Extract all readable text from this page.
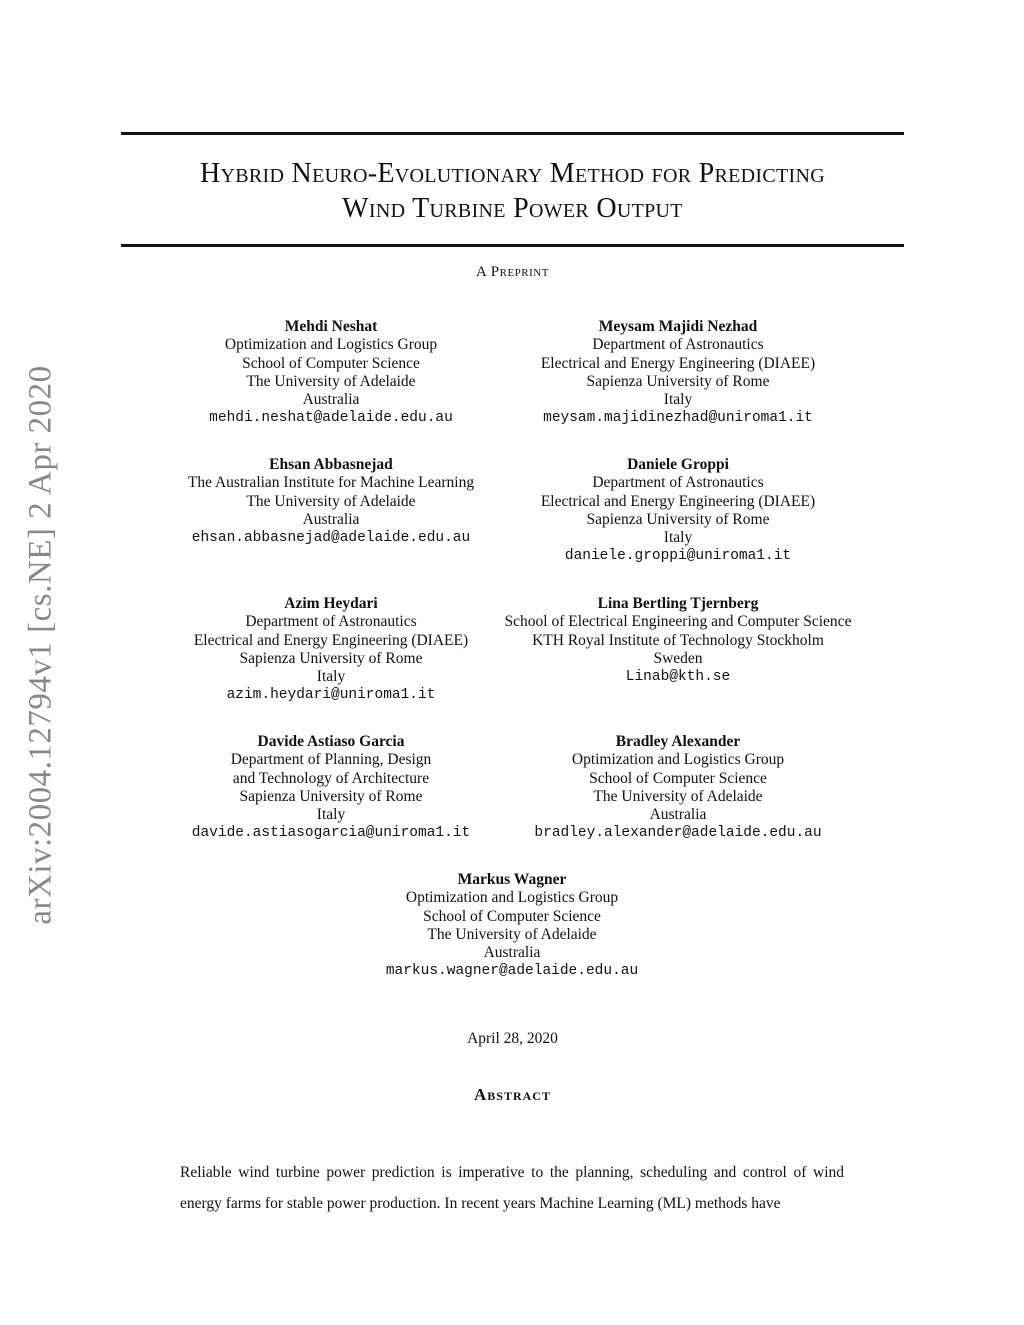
arXiv:2004.12794v1 [cs.NE] 2 Apr 2020
Hybrid Neuro-Evolutionary Method for Predicting
Wind Turbine Power Output
A Preprint
Mehdi Neshat
Optimization and Logistics Group
School of Computer Science
The University of Adelaide
Australia
mehdi.neshat@adelaide.edu.au
Meysam Majidi Nezhad
Department of Astronautics
Electrical and Energy Engineering (DIAEE)
Sapienza University of Rome
Italy
meysam.majidinezhad@uniroma1.it
Ehsan Abbasnejad
The Australian Institute for Machine Learning
The University of Adelaide
Australia
ehsan.abbasnejad@adelaide.edu.au
Daniele Groppi
Department of Astronautics
Electrical and Energy Engineering (DIAEE)
Sapienza University of Rome
Italy
daniele.groppi@uniroma1.it
Azim Heydari
Department of Astronautics
Electrical and Energy Engineering (DIAEE)
Sapienza University of Rome
Italy
azim.heydari@uniroma1.it
Lina Bertling Tjernberg
School of Electrical Engineering and Computer Science
KTH Royal Institute of Technology Stockholm
Sweden
Linab@kth.se
Davide Astiaso Garcia
Department of Planning, Design
and Technology of Architecture
Sapienza University of Rome
Italy
davide.astiasogarcia@uniroma1.it
Bradley Alexander
Optimization and Logistics Group
School of Computer Science
The University of Adelaide
Australia
bradley.alexander@adelaide.edu.au
Markus Wagner
Optimization and Logistics Group
School of Computer Science
The University of Adelaide
Australia
markus.wagner@adelaide.edu.au
April 28, 2020
Abstract
Reliable wind turbine power prediction is imperative to the planning, scheduling and control of wind energy farms for stable power production. In recent years Machine Learning (ML) methods have
